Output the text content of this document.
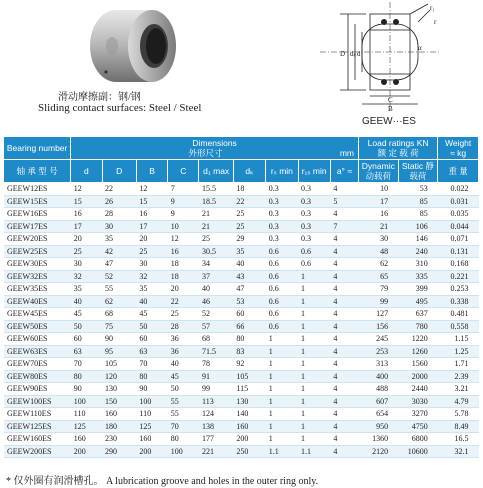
滑动摩擦副：钢/钢
Sliding contact surfaces: Steel / Steel
r₁
r
D dₖ d
α
C
B
GEEW···ES
Bearing number	Dimensions
外形尺寸 mm									Load ratings KN
额 定 载 荷		Weight
≈ kg
轴 承 型 号	d	D	B	C	d₁ max	dₖ	rₛ min	r₁ₛ min	a° ≈	Dynamic 动载荷	Static 静载荷	重 量
GEEW12ES	12	22	12	7	15.5	18	0.3	0.3	4	10	53	0.022
GEEW15ES	15	26	15	9	18.5	22	0.3	0.3	5	17	85	0.031
GEEW16ES	16	28	16	9	21	25	0.3	0.3	4	16	85	0.035
GEEW17ES	17	30	17	10	21	25	0.3	0.3	7	21	106	0.044
GEEW20ES	20	35	20	12	25	29	0.3	0.3	4	30	146	0.071
GEEW25ES	25	42	25	16	30.5	35	0.6	0.6	4	48	240	0.131
GEEW30ES	30	47	30	18	34	40	0.6	0.6	4	62	310	0.168
GEEW32ES	32	52	32	18	37	43	0.6	1	4	65	335	0.221
GEEW35ES	35	55	35	20	40	47	0.6	1	4	79	399	0.253
GEEW40ES	40	62	40	22	46	53	0.6	1	4	99	495	0.338
GEEW45ES	45	68	45	25	52	60	0.6	1	4	127	637	0.481
GEEW50ES	50	75	50	28	57	66	0.6	1	4	156	780	0.558
GEEW60ES	60	90	60	36	68	80	1	1	4	245	1220	1.15
GEEW63ES	63	95	63	36	71.5	83	1	1	4	253	1260	1.25
GEEW70ES	70	105	70	40	78	92	1	1	4	313	1560	1.71
GEEW80ES	80	120	80	45	91	105	1	1	4	400	2000	2.39
GEEW90ES	90	130	90	50	99	115	1	1	4	488	2440	3.21
GEEW100ES	100	150	100	55	113	130	1	1	4	607	3030	4.79
GEEW110ES	110	160	110	55	124	140	1	1	4	654	3270	5.78
GEEW125ES	125	180	125	70	138	160	1	1	4	950	4750	8.49
GEEW160ES	160	230	160	80	177	200	1	1	4	1360	6800	16.5
GEEW200ES	200	290	200	100	221	250	1.1	1.1	4	2120	10600	32.1
* 仅外圈有润滑槽孔。 A lubrication groove and holes in the outer ring only.
